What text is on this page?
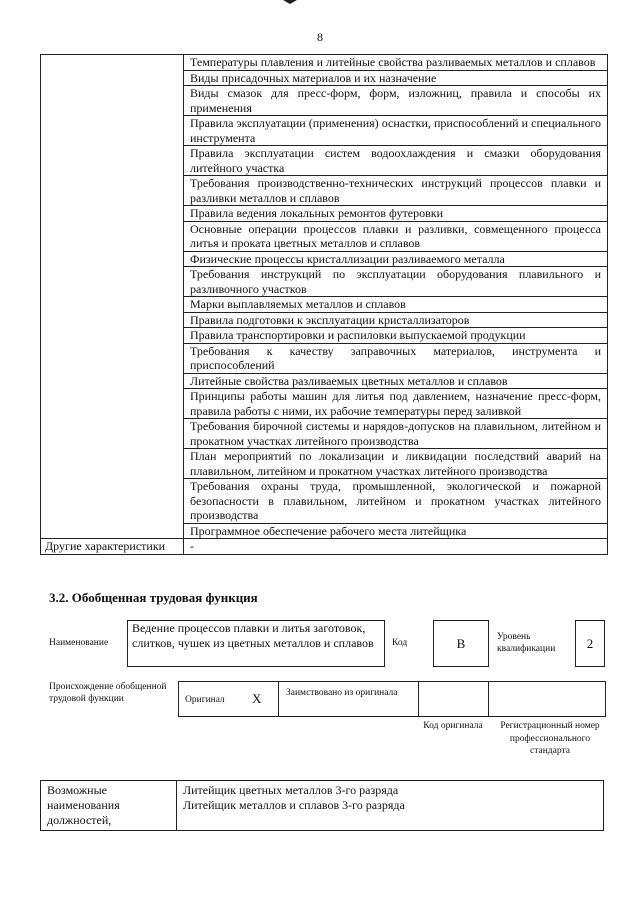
8
	Температуры плавления и литейные свойства разливаемых металлов и сплавов
	Виды присадочных материалов и их назначение
	Виды смазок для пресс-форм, форм, изложниц, правила и способы их применения
	Правила эксплуатации (применения) оснастки, приспособлений и специального инструмента
	Правила эксплуатации систем водоохлаждения и смазки оборудования литейного участка
	Требования производственно-технических инструкций процессов плавки и разливки металлов и сплавов
	Правила ведения локальных ремонтов футеровки
	Основные операции процессов плавки и разливки, совмещенного процесса литья и проката цветных металлов и сплавов
	Физические процессы кристаллизации разливаемого металла
	Требования инструкций по эксплуатации оборудования плавильного и разливочного участков
	Марки выплавляемых металлов и сплавов
	Правила подготовки к эксплуатации кристаллизаторов
	Правила транспортировки и распиловки выпускаемой продукции
	Требования к качеству заправочных материалов, инструмента и приспособлений
	Литейные свойства разливаемых цветных металлов и сплавов
	Принципы работы машин для литья под давлением, назначение пресс-форм, правила работы с ними, их рабочие температуры перед заливкой
	Требования бирочной системы и нарядов-допусков на плавильном, литейном и прокатном участках литейного производства
	План мероприятий по локализации и ликвидации последствий аварий на плавильном, литейном и прокатном участках литейного производства
	Требования охраны труда, промышленной, экологической и пожарной безопасности в плавильном, литейном и прокатном участках литейного производства
	Программное обеспечение рабочего места литейщика
Другие характеристики	-
3.2. Обобщенная трудовая функция
Наименование
Ведение процессов плавки и литья заготовок, слитков, чушек из цветных металлов и сплавов	Код	B	Уровень квалификации	2
Происхождение обобщенной трудовой функции	Оригинал X	Заимствовано из оригинала
Код оригинала	Регистрационный номер профессионального стандарта
Возможные наименования должностей,	
Литейщик цветных металлов 3-го разряда
Литейщик металлов и сплавов 3-го разряда
